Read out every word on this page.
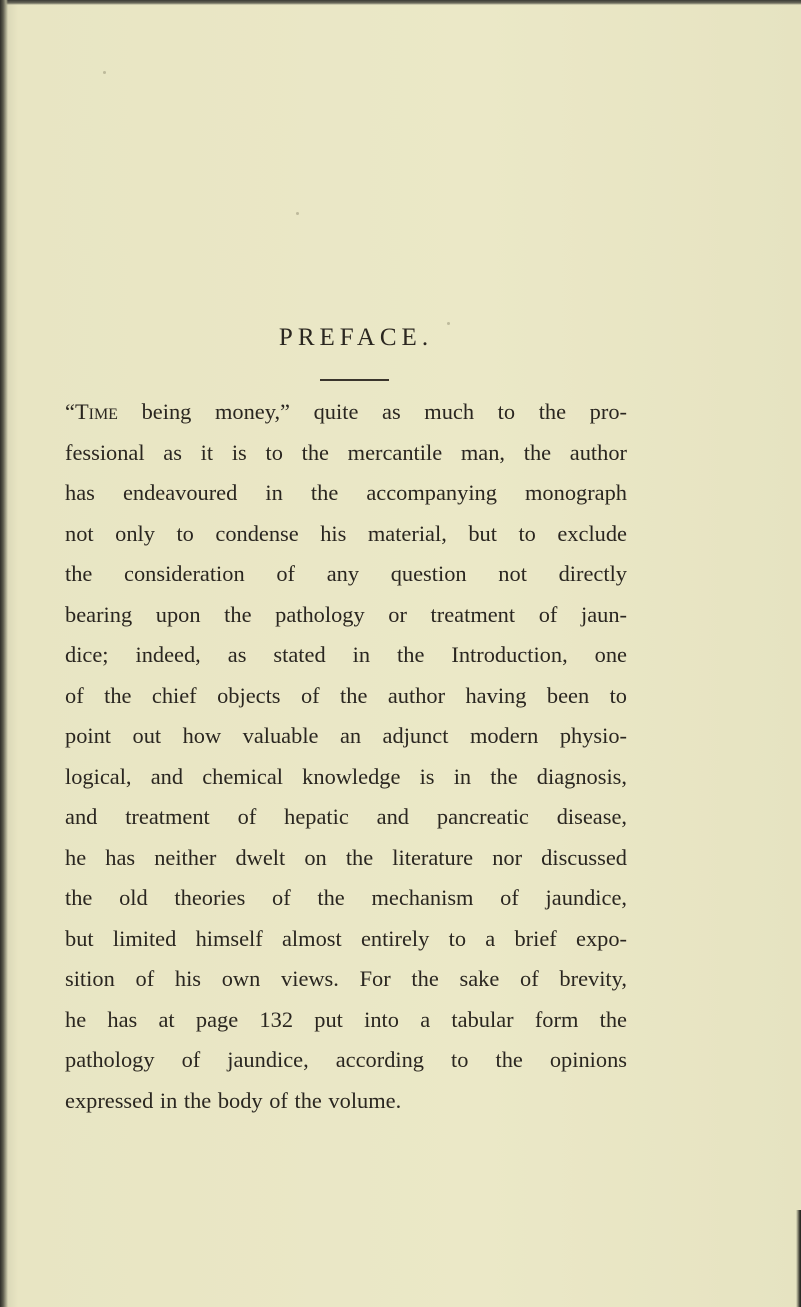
PREFACE.
“Time being money,” quite as much to the pro-
fessional as it is to the mercantile man, the author
has endeavoured in the accompanying monograph
not only to condense his material, but to exclude
the consideration of any question not directly
bearing upon the pathology or treatment of jaun-
dice; indeed, as stated in the Introduction, one
of the chief objects of the author having been to
point out how valuable an adjunct modern physio-
logical, and chemical knowledge is in the diagnosis,
and treatment of hepatic and pancreatic disease,
he has neither dwelt on the literature nor discussed
the old theories of the mechanism of jaundice,
but limited himself almost entirely to a brief expo-
sition of his own views. For the sake of brevity,
he has at page 132 put into a tabular form the
pathology of jaundice, according to the opinions
expressed in the body of the volume.
